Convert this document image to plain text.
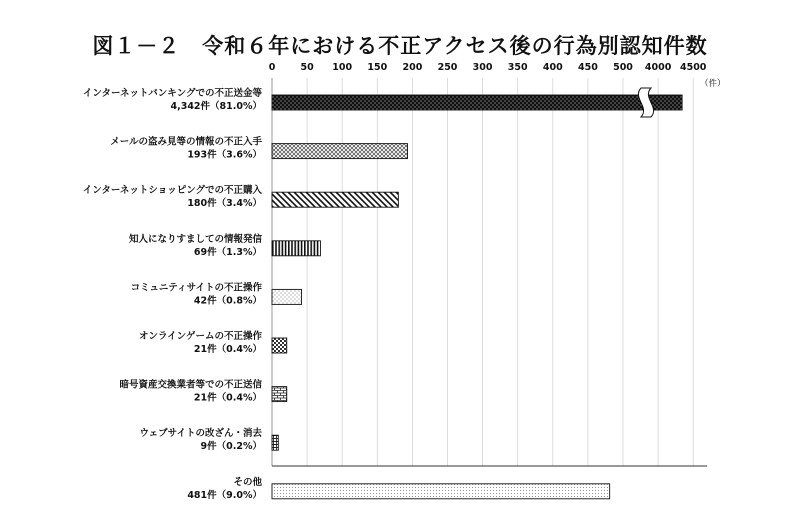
図１－２　令和６年における不正アクセス後の行為別認知件数
0	50 100 150 200 250 300 350 400 450 500 4000 4500
（件）
インターネットバンキングでの不正送金等
4,342件（81.0%）
メールの盗み見等の情報の不正入手
193件（3.6%）
インターネットショッピングでの不正購入
180件（3.4%）
知人になりすましての情報発信
69件（1.3%）
コミュニティサイトの不正操作
42件（0.8%）
オンラインゲームの不正操作
21件（0.4%）
暗号資産交換業者等での不正送信
21件（0.4%）
ウェブサイトの改ざん・消去
9件（0.2%）
その他
481件（9.0%）
